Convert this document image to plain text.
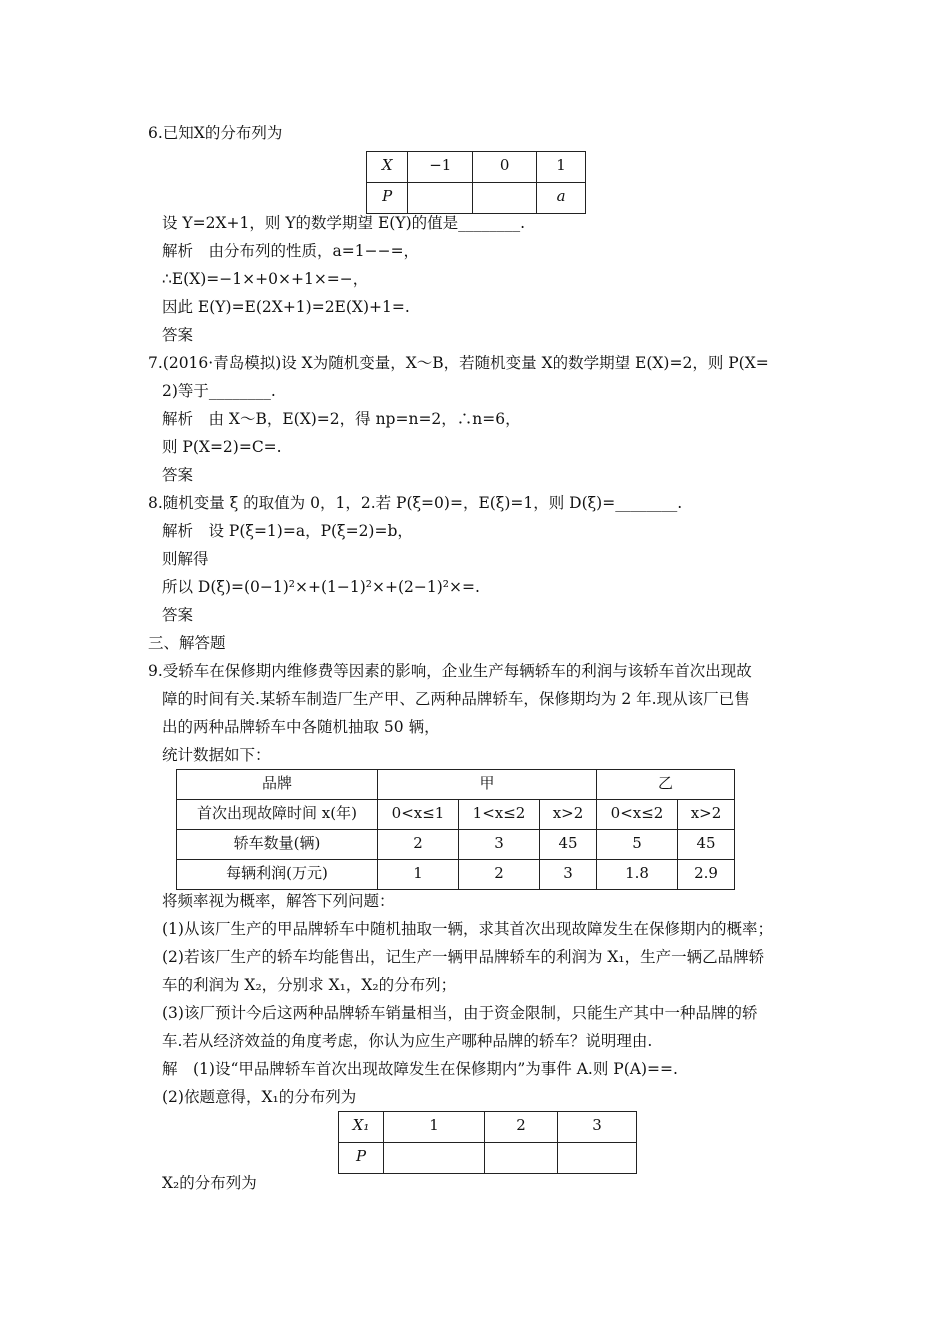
6.已知X的分布列为
X	−1	0	1
P			a
设 Y=2X+1，则 Y的数学期望 E(Y)的值是________.
解析　由分布列的性质，a=1−−=，
∴E(X)=−1×+0×+1×=−，
因此 E(Y)=E(2X+1)=2E(X)+1=.
答案
7.(2016·青岛模拟)设 X为随机变量，X～B，若随机变量 X的数学期望 E(X)=2，则 P(X=
2)等于________.
解析　由 X～B，E(X)=2，得 np=n=2，∴n=6，
则 P(X=2)=C=.
答案
8.随机变量 ξ 的取值为 0，1，2.若 P(ξ=0)=，E(ξ)=1，则 D(ξ)=________.
解析　设 P(ξ=1)=a，P(ξ=2)=b，
则解得
所以 D(ξ)=(0−1)²×+(1−1)²×+(2−1)²×=.
答案
三、解答题
9.受轿车在保修期内维修费等因素的影响，企业生产每辆轿车的利润与该轿车首次出现故
障的时间有关.某轿车制造厂生产甲、乙两种品牌轿车，保修期均为 2 年.现从该厂已售
出的两种品牌轿车中各随机抽取 50 辆，
统计数据如下：
品牌	甲			乙	
首次出现故障时间 x(年)	0<x≤1	1<x≤2	x>2	0<x≤2	x>2
轿车数量(辆)	2	3	45	5	45
每辆利润(万元)	1	2	3	1.8	2.9
将频率视为概率，解答下列问题：
(1)从该厂生产的甲品牌轿车中随机抽取一辆，求其首次出现故障发生在保修期内的概率；
(2)若该厂生产的轿车均能售出，记生产一辆甲品牌轿车的利润为 X₁，生产一辆乙品牌轿
车的利润为 X₂，分别求 X₁，X₂的分布列；
(3)该厂预计今后这两种品牌轿车销量相当，由于资金限制，只能生产其中一种品牌的轿
车.若从经济效益的角度考虑，你认为应生产哪种品牌的轿车？说明理由.
解　(1)设“甲品牌轿车首次出现故障发生在保修期内”为事件 A.则 P(A)==.
(2)依题意得，X₁的分布列为
X₁	1	2	3
P			
X₂的分布列为
